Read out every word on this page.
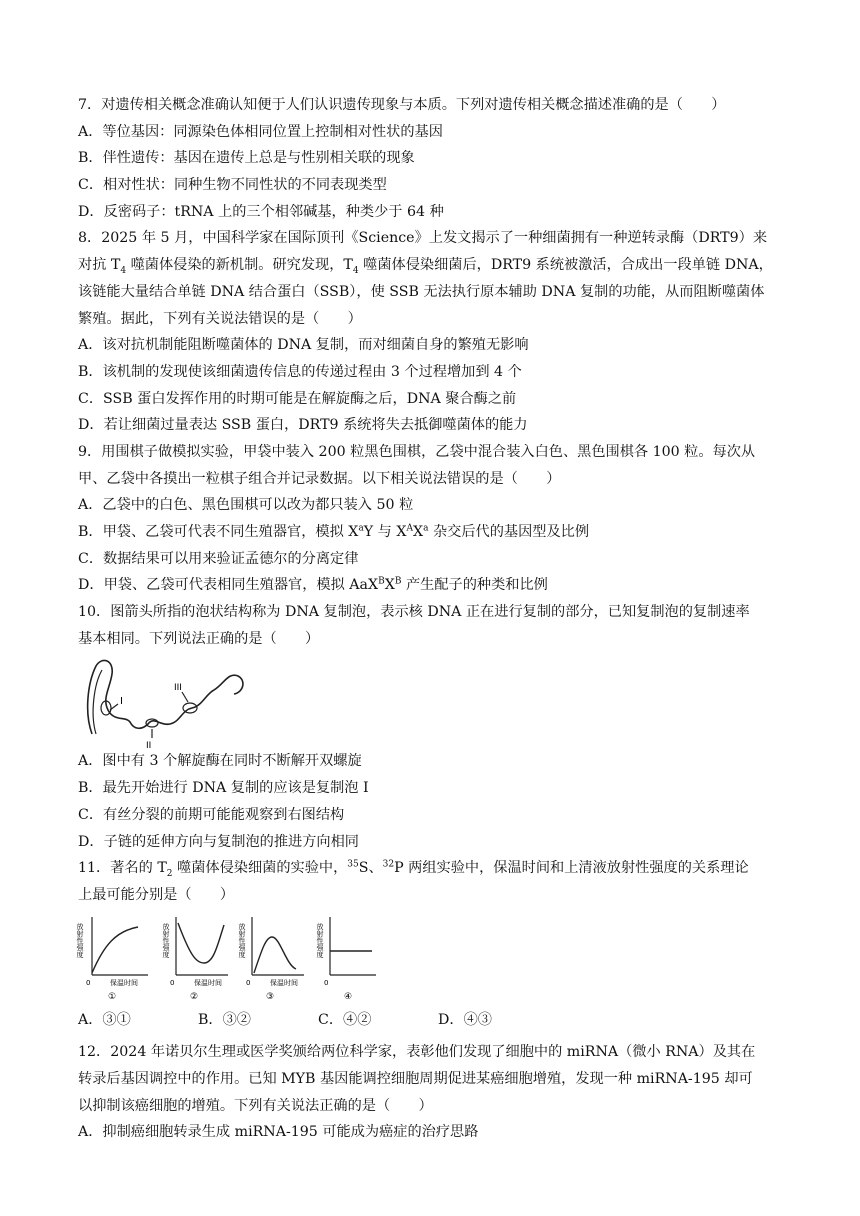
7．对遗传相关概念准确认知便于人们认识遗传现象与本质。下列对遗传相关概念描述准确的是（　　）
A．等位基因：同源染色体相同位置上控制相对性状的基因
B．伴性遗传：基因在遗传上总是与性别相关联的现象
C．相对性状：同种生物不同性状的不同表现类型
D．反密码子：tRNA 上的三个相邻碱基，种类少于 64 种
8．2025 年 5 月，中国科学家在国际顶刊《Science》上发文揭示了一种细菌拥有一种逆转录酶（DRT9）来
对抗 $T_4$ 噬菌体侵染的新机制。研究发现，$T_4$ 噬菌体侵染细菌后，DRT9 系统被激活，合成出一段单链 DNA，
该链能大量结合单链 DNA 结合蛋白（SSB），使 SSB 无法执行原本辅助 DNA 复制的功能，从而阻断噬菌体
繁殖。据此，下列有关说法错误的是（　　）
A．该对抗机制能阻断噬菌体的 DNA 复制，而对细菌自身的繁殖无影响
B．该机制的发现使该细菌遗传信息的传递过程由 3 个过程增加到 4 个
C．SSB 蛋白发挥作用的时期可能是在解旋酶之后，DNA 聚合酶之前
D．若让细菌过量表达 SSB 蛋白，DRT9 系统将失去抵御噬菌体的能力
9．用围棋子做模拟实验，甲袋中装入 200 粒黑色围棋，乙袋中混合装入白色、黑色围棋各 100 粒。每次从
甲、乙袋中各摸出一粒棋子组合并记录数据。以下相关说法错误的是（　　）
A．乙袋中的白色、黑色围棋可以改为都只装入 50 粒
B．甲袋、乙袋可代表不同生殖器官，模拟 $X^aY$ 与 $X^AX^a$ 杂交后代的基因型及比例
C．数据结果可以用来验证孟德尔的分离定律
D．甲袋、乙袋可代表相同生殖器官，模拟 $AaX^BX^B$ 产生配子的种类和比例
10．图箭头所指的泡状结构称为 DNA 复制泡，表示核 DNA 正在进行复制的部分，已知复制泡的复制速率
基本相同。下列说法正确的是（　　）
I
II
III
A．图中有 3 个解旋酶在同时不断解开双螺旋
B．最先开始进行 DNA 复制的应该是复制泡 I
C．有丝分裂的前期可能能观察到右图结构
D．子链的延伸方向与复制泡的推进方向相同
11．著名的 $T_2$ 噬菌体侵染细菌的实验中，$^{35}$S、$^{32}$P 两组实验中，保温时间和上清液放射性强度的关系理论
上最可能分别是（　　）
放射性强度
0	保温时间
①
放射性强度
0	保温时间
②
放射性强度
0	保温时间
③
放射性强度
0
④
A．③①	B．③②	C．④②	D．④③
12．2024 年诺贝尔生理或医学奖颁给两位科学家，表彰他们发现了细胞中的 miRNA（微小 RNA）及其在
转录后基因调控中的作用。已知 MYB 基因能调控细胞周期促进某癌细胞增殖，发现一种 miRNA-195 却可
以抑制该癌细胞的增殖。下列有关说法正确的是（　　）
A．抑制癌细胞转录生成 miRNA-195 可能成为癌症的治疗思路
